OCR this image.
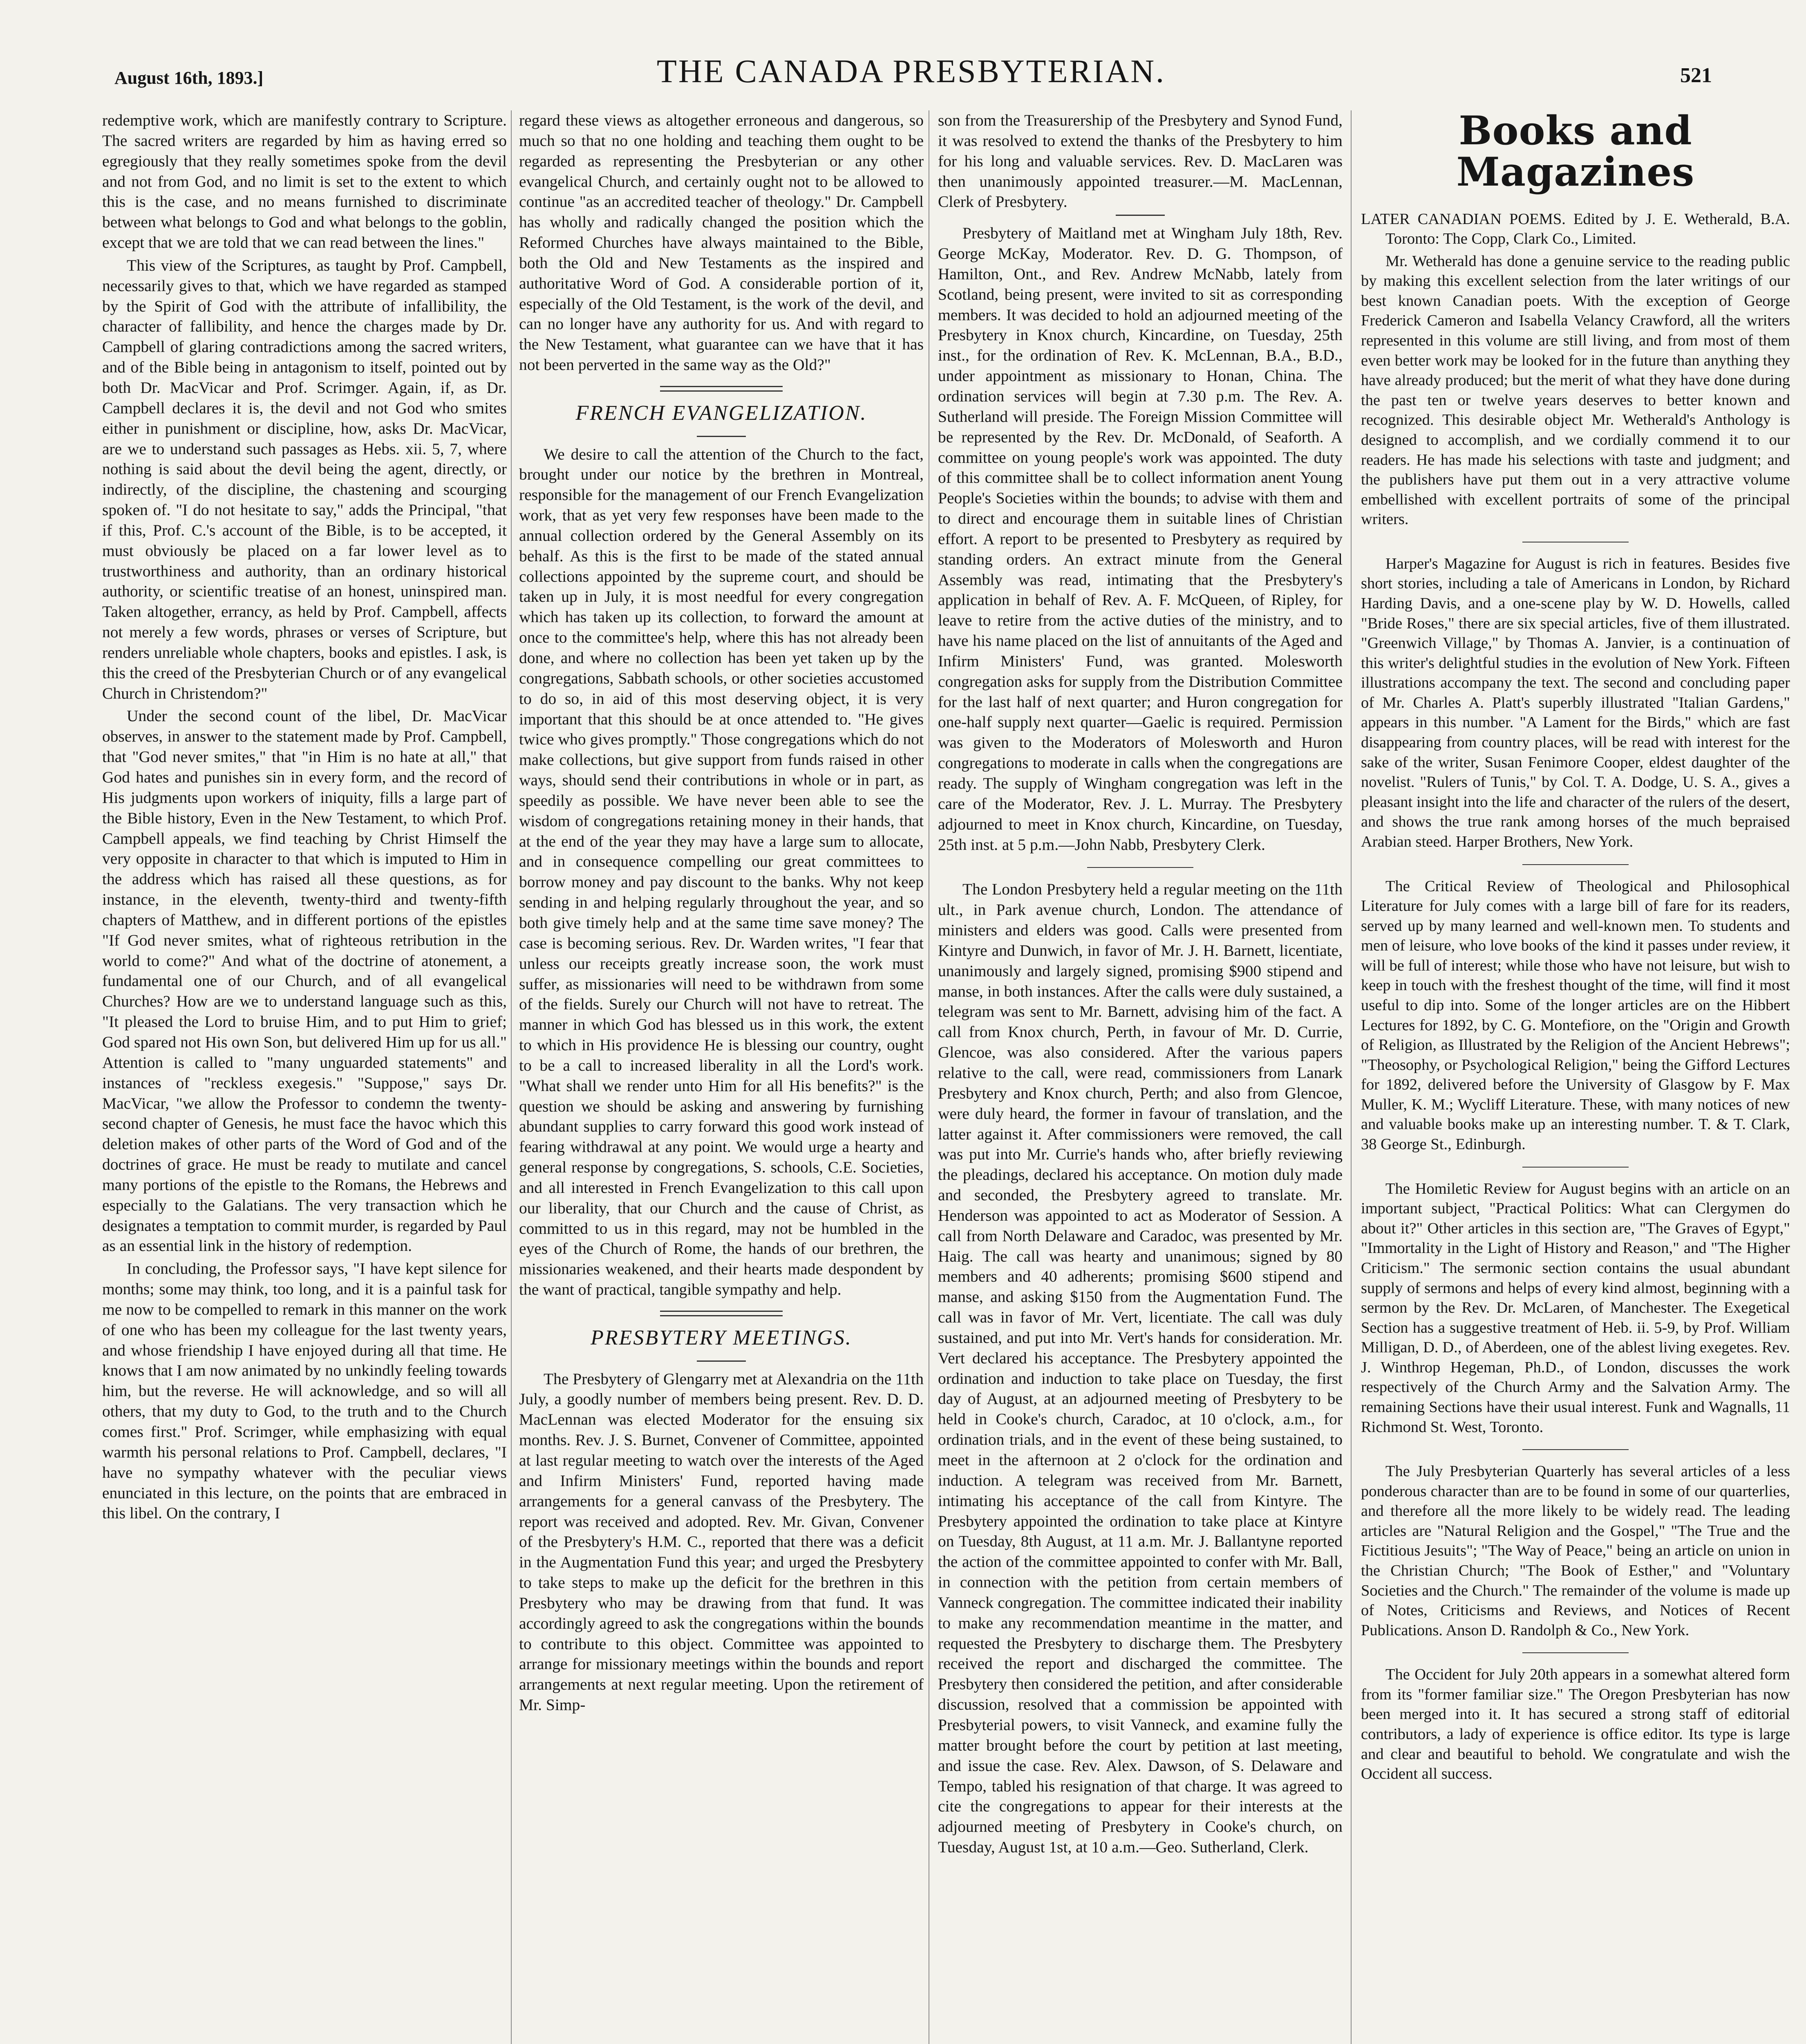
August 16th, 1893.]	THE CANADA PRESBYTERIAN.	521

redemptive work, which are manifestly contrary to Scripture. The sacred writers are regarded by him as having erred so egregiously that they really sometimes spoke from the devil and not from God, and no limit is set to the extent to which this is the case, and no means furnished to discriminate between what belongs to God and what belongs to the goblin, except that we are told that we can read between the lines."

This view of the Scriptures, as taught by Prof. Campbell, necessarily gives to that, which we have regarded as stamped by the Spirit of God with the attribute of infallibility, the character of fallibility, and hence the charges made by Dr. Campbell of glaring contradictions among the sacred writers, and of the Bible being in antagonism to itself, pointed out by both Dr. MacVicar and Prof. Scrimger. Again, if, as Dr. Campbell declares it is, the devil and not God who smites either in punishment or discipline, how, asks Dr. MacVicar, are we to understand such passages as Hebs. xii. 5, 7, where nothing is said about the devil being the agent, directly, or indirectly, of the discipline, the chastening and scourging spoken of. "I do not hesitate to say," adds the Principal, "that if this, Prof. C.'s account of the Bible, is to be accepted, it must obviously be placed on a far lower level as to trustworthiness and authority, than an ordinary historical authority, or scientific treatise of an honest, uninspired man. Taken altogether, errancy, as held by Prof. Campbell, affects not merely a few words, phrases or verses of Scripture, but renders unreliable whole chapters, books and epistles. I ask, is this the creed of the Presbyterian Church or of any evangelical Church in Christendom?"

Under the second count of the libel, Dr. MacVicar observes, in answer to the statement made by Prof. Campbell, that "God never smites," that "in Him is no hate at all," that God hates and punishes sin in every form, and the record of His judgments upon workers of iniquity, fills a large part of the Bible history, Even in the New Testament, to which Prof. Campbell appeals, we find teaching by Christ Himself the very opposite in character to that which is imputed to Him in the address which has raised all these questions, as for instance, in the eleventh, twenty-third and twenty-fifth chapters of Matthew, and in different portions of the epistles "If God never smites, what of righteous retribution in the world to come?" And what of the doctrine of atonement, a fundamental one of our Church, and of all evangelical Churches? How are we to understand language such as this, "It pleased the Lord to bruise Him, and to put Him to grief; God spared not His own Son, but delivered Him up for us all." Attention is called to "many unguarded statements" and instances of "reckless exegesis." "Suppose," says Dr. MacVicar, "we allow the Professor to condemn the twenty-second chapter of Genesis, he must face the havoc which this deletion makes of other parts of the Word of God and of the doctrines of grace. He must be ready to mutilate and cancel many portions of the epistle to the Romans, the Hebrews and especially to the Galatians. The very transaction which he designates a temptation to commit murder, is regarded by Paul as an essential link in the history of redemption.

In concluding, the Professor says, "I have kept silence for months; some may think, too long, and it is a painful task for me now to be compelled to remark in this manner on the work of one who has been my colleague for the last twenty years, and whose friendship I have enjoyed during all that time. He knows that I am now animated by no unkindly feeling towards him, but the reverse. He will acknowledge, and so will all others, that my duty to God, to the truth and to the Church comes first." Prof. Scrimger, while emphasizing with equal warmth his personal relations to Prof. Campbell, declares, "I have no sympathy whatever with the peculiar views enunciated in this lecture, on the points that are embraced in this libel. On the contrary, I

regard these views as altogether erroneous and dangerous, so much so that no one holding and teaching them ought to be regarded as representing the Presbyterian or any other evangelical Church, and certainly ought not to be allowed to continue "as an accredited teacher of theology." Dr. Campbell has wholly and radically changed the position which the Reformed Churches have always maintained to the Bible, both the Old and New Testaments as the inspired and authoritative Word of God. A considerable portion of it, especially of the Old Testament, is the work of the devil, and can no longer have any authority for us. And with regard to the New Testament, what guarantee can we have that it has not been perverted in the same way as the Old?"

FRENCH EVANGELIZATION.

We desire to call the attention of the Church to the fact, brought under our notice by the brethren in Montreal, responsible for the management of our French Evangelization work, that as yet very few responses have been made to the annual collection ordered by the General Assembly on its behalf. As this is the first to be made of the stated annual collections appointed by the supreme court, and should be taken up in July, it is most needful for every congregation which has taken up its collection, to forward the amount at once to the committee's help, where this has not already been done, and where no collection has been yet taken up by the congregations, Sabbath schools, or other societies accustomed to do so, in aid of this most deserving object, it is very important that this should be at once attended to. "He gives twice who gives promptly." Those congregations which do not make collections, but give support from funds raised in other ways, should send their contributions in whole or in part, as speedily as possible. We have never been able to see the wisdom of congregations retaining money in their hands, that at the end of the year they may have a large sum to allocate, and in consequence compelling our great committees to borrow money and pay discount to the banks. Why not keep sending in and helping regularly throughout the year, and so both give timely help and at the same time save money? The case is becoming serious. Rev. Dr. Warden writes, "I fear that unless our receipts greatly increase soon, the work must suffer, as missionaries will need to be withdrawn from some of the fields. Surely our Church will not have to retreat. The manner in which God has blessed us in this work, the extent to which in His providence He is blessing our country, ought to be a call to increased liberality in all the Lord's work. "What shall we render unto Him for all His benefits?" is the question we should be asking and answering by furnishing abundant supplies to carry forward this good work instead of fearing withdrawal at any point. We would urge a hearty and general response by congregations, S. schools, C.E. Societies, and all interested in French Evangelization to this call upon our liberality, that our Church and the cause of Christ, as committed to us in this regard, may not be humbled in the eyes of the Church of Rome, the hands of our brethren, the missionaries weakened, and their hearts made despondent by the want of practical, tangible sympathy and help.

PRESBYTERY MEETINGS.

The Presbytery of Glengarry met at Alexandria on the 11th July, a goodly number of members being present. Rev. D. D. MacLennan was elected Moderator for the ensuing six months. Rev. J. S. Burnet, Convener of Committee, appointed at last regular meeting to watch over the interests of the Aged and Infirm Ministers' Fund, reported having made arrangements for a general canvass of the Presbytery. The report was received and adopted. Rev. Mr. Givan, Convener of the Presbytery's H.M. C., reported that there was a deficit in the Augmentation Fund this year; and urged the Presbytery to take steps to make up the deficit for the brethren in this Presbytery who may be drawing from that fund. It was accordingly agreed to ask the congregations within the bounds to contribute to this object. Committee was appointed to arrange for missionary meetings within the bounds and report arrangements at next regular meeting. Upon the retirement of Mr. Simp-

son from the Treasurership of the Presbytery and Synod Fund, it was resolved to extend the thanks of the Presbytery to him for his long and valuable services. Rev. D. MacLaren was then unanimously appointed treasurer.—M. MacLennan, Clerk of Presbytery.

Presbytery of Maitland met at Wingham July 18th, Rev. George McKay, Moderator. Rev. D. G. Thompson, of Hamilton, Ont., and Rev. Andrew McNabb, lately from Scotland, being present, were invited to sit as corresponding members. It was decided to hold an adjourned meeting of the Presbytery in Knox church, Kincardine, on Tuesday, 25th inst., for the ordination of Rev. K. McLennan, B.A., B.D., under appointment as missionary to Honan, China. The ordination services will begin at 7.30 p.m. The Rev. A. Sutherland will preside. The Foreign Mission Committee will be represented by the Rev. Dr. McDonald, of Seaforth. A committee on young people's work was appointed. The duty of this committee shall be to collect information anent Young People's Societies within the bounds; to advise with them and to direct and encourage them in suitable lines of Christian effort. A report to be presented to Presbytery as required by standing orders. An extract minute from the General Assembly was read, intimating that the Presbytery's application in behalf of Rev. A. F. McQueen, of Ripley, for leave to retire from the active duties of the ministry, and to have his name placed on the list of annuitants of the Aged and Infirm Ministers' Fund, was granted. Molesworth congregation asks for supply from the Distribution Committee for the last half of next quarter; and Huron congregation for one-half supply next quarter—Gaelic is required. Permission was given to the Moderators of Molesworth and Huron congregations to moderate in calls when the congregations are ready. The supply of Wingham congregation was left in the care of the Moderator, Rev. J. L. Murray. The Presbytery adjourned to meet in Knox church, Kincardine, on Tuesday, 25th inst. at 5 p.m.—John Nabb, Presbytery Clerk.

The London Presbytery held a regular meeting on the 11th ult., in Park avenue church, London. The attendance of ministers and elders was good. Calls were presented from Kintyre and Dunwich, in favor of Mr. J. H. Barnett, licentiate, unanimously and largely signed, promising $900 stipend and manse, in both instances. After the calls were duly sustained, a telegram was sent to Mr. Barnett, advising him of the fact. A call from Knox church, Perth, in favour of Mr. D. Currie, Glencoe, was also considered. After the various papers relative to the call, were read, commissioners from Lanark Presbytery and Knox church, Perth; and also from Glencoe, were duly heard, the former in favour of translation, and the latter against it. After commissioners were removed, the call was put into Mr. Currie's hands who, after briefly reviewing the pleadings, declared his acceptance. On motion duly made and seconded, the Presbytery agreed to translate. Mr. Henderson was appointed to act as Moderator of Session. A call from North Delaware and Caradoc, was presented by Mr. Haig. The call was hearty and unanimous; signed by 80 members and 40 adherents; promising $600 stipend and manse, and asking $150 from the Augmentation Fund. The call was in favor of Mr. Vert, licentiate. The call was duly sustained, and put into Mr. Vert's hands for consideration. Mr. Vert declared his acceptance. The Presbytery appointed the ordination and induction to take place on Tuesday, the first day of August, at an adjourned meeting of Presbytery to be held in Cooke's church, Caradoc, at 10 o'clock, a.m., for ordination trials, and in the event of these being sustained, to meet in the afternoon at 2 o'clock for the ordination and induction. A telegram was received from Mr. Barnett, intimating his acceptance of the call from Kintyre. The Presbytery appointed the ordination to take place at Kintyre on Tuesday, 8th August, at 11 a.m. Mr. J. Ballantyne reported the action of the committee appointed to confer with Mr. Ball, in connection with the petition from certain members of Vanneck congregation. The committee indicated their inability to make any recommendation meantime in the matter, and requested the Presbytery to discharge them. The Presbytery received the report and discharged the committee. The Presbytery then considered the petition, and after considerable discussion, resolved that a commission be appointed with Presbyterial powers, to visit Vanneck, and examine fully the matter brought before the court by petition at last meeting, and issue the case. Rev. Alex. Dawson, of S. Delaware and Tempo, tabled his resignation of that charge. It was agreed to cite the congregations to appear for their interests at the adjourned meeting of Presbytery in Cooke's church, on Tuesday, August 1st, at 10 a.m.—Geo. Sutherland, Clerk.

Books and Magazines

LATER CANADIAN POEMS. Edited by J. E. Wetherald, B.A. Toronto: The Copp, Clark Co., Limited.

Mr. Wetherald has done a genuine service to the reading public by making this excellent selection from the later writings of our best known Canadian poets. With the exception of George Frederick Cameron and Isabella Velancy Crawford, all the writers represented in this volume are still living, and from most of them even better work may be looked for in the future than anything they have already produced; but the merit of what they have done during the past ten or twelve years deserves to better known and recognized. This desirable object Mr. Wetherald's Anthology is designed to accomplish, and we cordially commend it to our readers. He has made his selections with taste and judgment; and the publishers have put them out in a very attractive volume embellished with excellent portraits of some of the principal writers.

Harper's Magazine for August is rich in features. Besides five short stories, including a tale of Americans in London, by Richard Harding Davis, and a one-scene play by W. D. Howells, called "Bride Roses," there are six special articles, five of them illustrated. "Greenwich Village," by Thomas A. Janvier, is a continuation of this writer's delightful studies in the evolution of New York. Fifteen illustrations accompany the text. The second and concluding paper of Mr. Charles A. Platt's superbly illustrated "Italian Gardens," appears in this number. "A Lament for the Birds," which are fast disappearing from country places, will be read with interest for the sake of the writer, Susan Fenimore Cooper, eldest daughter of the novelist. "Rulers of Tunis," by Col. T. A. Dodge, U. S. A., gives a pleasant insight into the life and character of the rulers of the desert, and shows the true rank among horses of the much bepraised Arabian steed. Harper Brothers, New York.

The Critical Review of Theological and Philosophical Literature for July comes with a large bill of fare for its readers, served up by many learned and well-known men. To students and men of leisure, who love books of the kind it passes under review, it will be full of interest; while those who have not leisure, but wish to keep in touch with the freshest thought of the time, will find it most useful to dip into. Some of the longer articles are on the Hibbert Lectures for 1892, by C. G. Montefiore, on the "Origin and Growth of Religion, as Illustrated by the Religion of the Ancient Hebrews"; "Theosophy, or Psychological Religion," being the Gifford Lectures for 1892, delivered before the University of Glasgow by F. Max Muller, K. M.; Wycliff Literature. These, with many notices of new and valuable books make up an interesting number. T. & T. Clark, 38 George St., Edinburgh.

The Homiletic Review for August begins with an article on an important subject, "Practical Politics: What can Clergymen do about it?" Other articles in this section are, "The Graves of Egypt," "Immortality in the Light of History and Reason," and "The Higher Criticism." The sermonic section contains the usual abundant supply of sermons and helps of every kind almost, beginning with a sermon by the Rev. Dr. McLaren, of Manchester. The Exegetical Section has a suggestive treatment of Heb. ii. 5-9, by Prof. William Milligan, D. D., of Aberdeen, one of the ablest living exegetes. Rev. J. Winthrop Hegeman, Ph.D., of London, discusses the work respectively of the Church Army and the Salvation Army. The remaining Sections have their usual interest. Funk and Wagnalls, 11 Richmond St. West, Toronto.

The July Presbyterian Quarterly has several articles of a less ponderous character than are to be found in some of our quarterlies, and therefore all the more likely to be widely read. The leading articles are "Natural Religion and the Gospel," "The True and the Fictitious Jesuits"; "The Way of Peace," being an article on union in the Christian Church; "The Book of Esther," and "Voluntary Societies and the Church." The remainder of the volume is made up of Notes, Criticisms and Reviews, and Notices of Recent Publications. Anson D. Randolph & Co., New York.

The Occident for July 20th appears in a somewhat altered form from its "former familiar size." The Oregon Presbyterian has now been merged into it. It has secured a strong staff of editorial contributors, a lady of experience is office editor. Its type is large and clear and beautiful to behold. We congratulate and wish the Occident all success.
